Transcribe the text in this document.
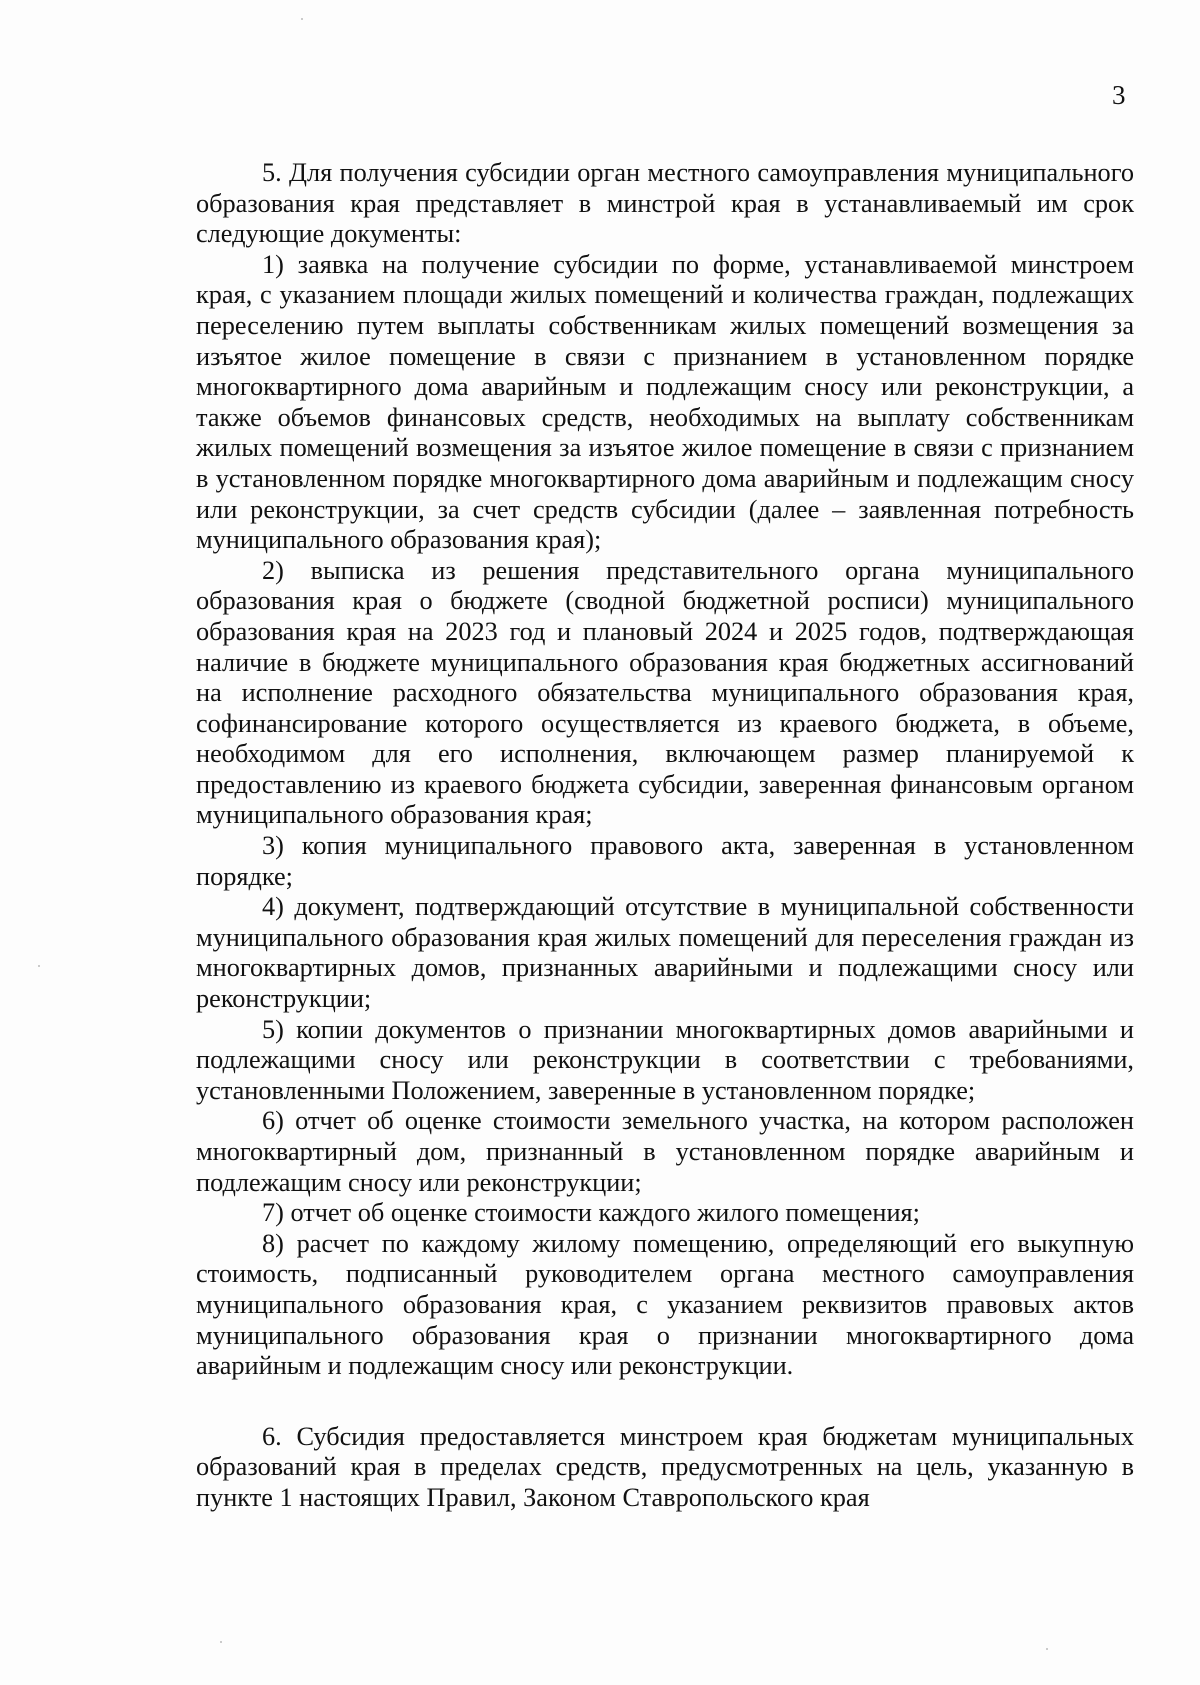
3

5. Для получения субсидии орган местного самоуправления муниципального образования края представляет в минстрой края в устанавливаемый им срок следующие документы:

1) заявка на получение субсидии по форме, устанавливаемой минстроем края, с указанием площади жилых помещений и количества граждан, подлежащих переселению путем выплаты собственникам жилых помещений возмещения за изъятое жилое помещение в связи с признанием в установленном порядке многоквартирного дома аварийным и подлежащим сносу или реконструкции, а также объемов финансовых средств, необходимых на выплату собственникам жилых помещений возмещения за изъятое жилое помещение в связи с признанием в установленном порядке многоквартирного дома аварийным и подлежащим сносу или реконструкции, за счет средств субсидии (далее – заявленная потребность муниципального образования края);

2) выписка из решения представительного органа муниципального образования края о бюджете (сводной бюджетной росписи) муниципального образования края на 2023 год и плановый 2024 и 2025 годов, подтверждающая наличие в бюджете муниципального образования края бюджетных ассигнований на исполнение расходного обязательства муниципального образования края, софинансирование которого осуществляется из краевого бюджета, в объеме, необходимом для его исполнения, включающем размер планируемой к предоставлению из краевого бюджета субсидии, заверенная финансовым органом муниципального образования края;

3) копия муниципального правового акта, заверенная в установленном порядке;

4) документ, подтверждающий отсутствие в муниципальной собственности муниципального образования края жилых помещений для переселения граждан из многоквартирных домов, признанных аварийными и подлежащими сносу или реконструкции;

5) копии документов о признании многоквартирных домов аварийными и подлежащими сносу или реконструкции в соответствии с требованиями, установленными Положением, заверенные в установленном порядке;

6) отчет об оценке стоимости земельного участка, на котором расположен многоквартирный дом, признанный в установленном порядке аварийным и подлежащим сносу или реконструкции;

7) отчет об оценке стоимости каждого жилого помещения;

8) расчет по каждому жилому помещению, определяющий его выкупную стоимость, подписанный руководителем органа местного самоуправления муниципального образования края, с указанием реквизитов правовых актов муниципального образования края о признании многоквартирного дома аварийным и подлежащим сносу или реконструкции.

6. Субсидия предоставляется минстроем края бюджетам муниципальных образований края в пределах средств, предусмотренных на цель, указанную в пункте 1 настоящих Правил, Законом Ставропольского края
